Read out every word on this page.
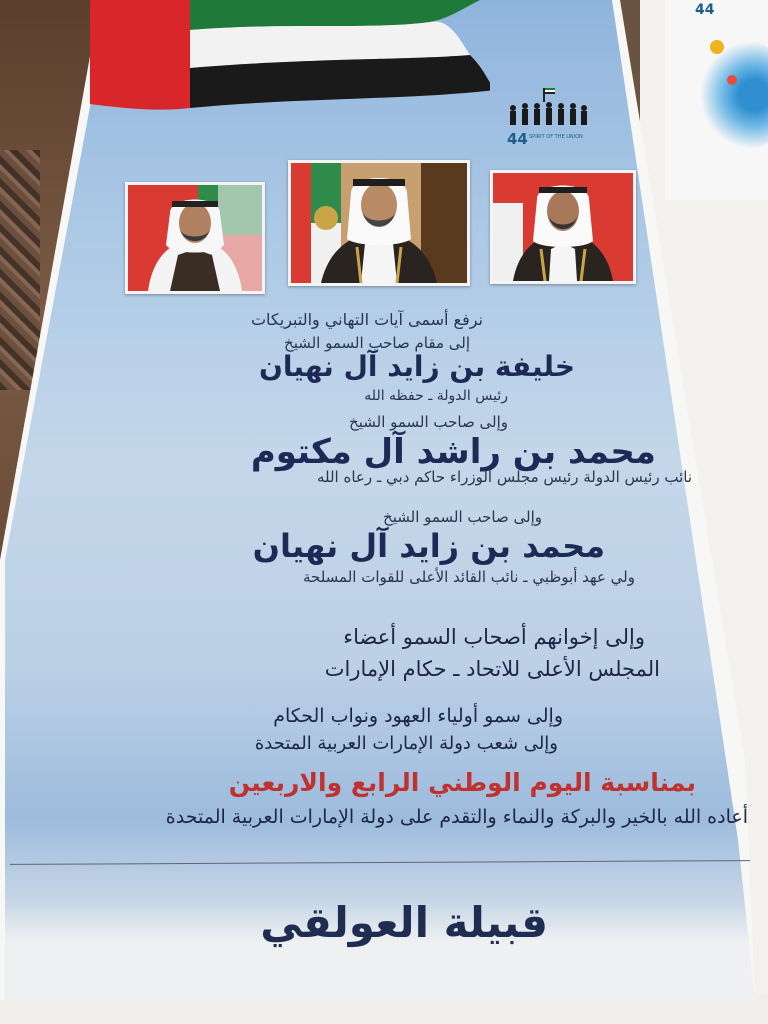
44
44 SPIRIT OF THE UNION
نرفع أسمى آيات التهاني والتبريكات
إلى مقام صاحب السمو الشيخ
خليفة بن زايد آل نهيان
رئيس الدولة ـ حفظه الله
وإلى صاحب السمو الشيخ
محمد بن راشد آل مكتوم
نائب رئيس الدولة رئيس مجلس الوزراء حاكم دبي ـ رعاه الله
وإلى صاحب السمو الشيخ
محمد بن زايد آل نهيان
ولي عهد أبوظبي ـ نائب القائد الأعلى للقوات المسلحة
وإلى إخوانهم أصحاب السمو أعضاء
المجلس الأعلى للاتحاد ـ حكام الإمارات
وإلى سمو أولياء العهود ونواب الحكام
وإلى شعب دولة الإمارات العربية المتحدة
بمناسبة اليوم الوطني الرابع والاربعين
أعاده الله بالخير والبركة والنماء والتقدم على دولة الإمارات العربية المتحدة
قبيلة العولقي
